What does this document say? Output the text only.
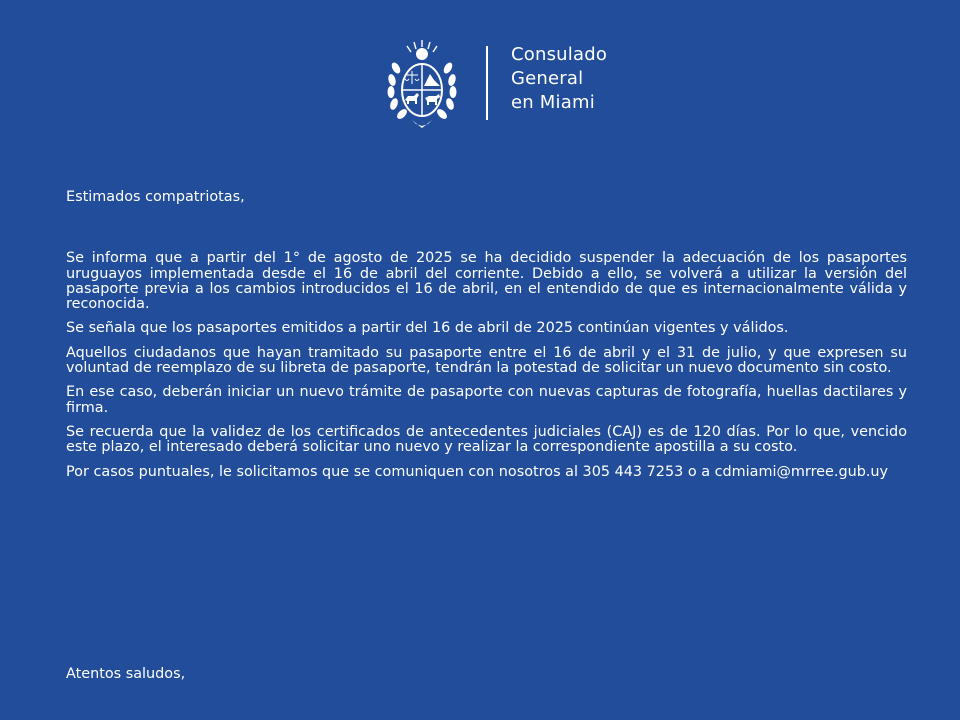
Consulado
General
en Miami

Estimados compatriotas,

Se informa que a partir del 1° de agosto de 2025 se ha decidido suspender la adecuación de los pasaportes uruguayos implementada desde el 16 de abril del corriente. Debido a ello, se volverá a utilizar la versión del pasaporte previa a los cambios introducidos el 16 de abril, en el entendido de que es internacionalmente válida y reconocida.

Se señala que los pasaportes emitidos a partir del 16 de abril de 2025 continúan vigentes y válidos.

Aquellos ciudadanos que hayan tramitado su pasaporte entre el 16 de abril y el 31 de julio, y que expresen su voluntad de reemplazo de su libreta de pasaporte, tendrán la potestad de solicitar un nuevo documento sin costo.

En ese caso, deberán iniciar un nuevo trámite de pasaporte con nuevas capturas de fotografía, huellas dactilares y firma.

Se recuerda que la validez de los certificados de antecedentes judiciales (CAJ) es de 120 días. Por lo que, vencido este plazo, el interesado deberá solicitar uno nuevo y realizar la correspondiente apostilla a su costo.

Por casos puntuales, le solicitamos que se comuniquen con nosotros al 305 443 7253 o a cdmiami@mrree.gub.uy

Atentos saludos,
